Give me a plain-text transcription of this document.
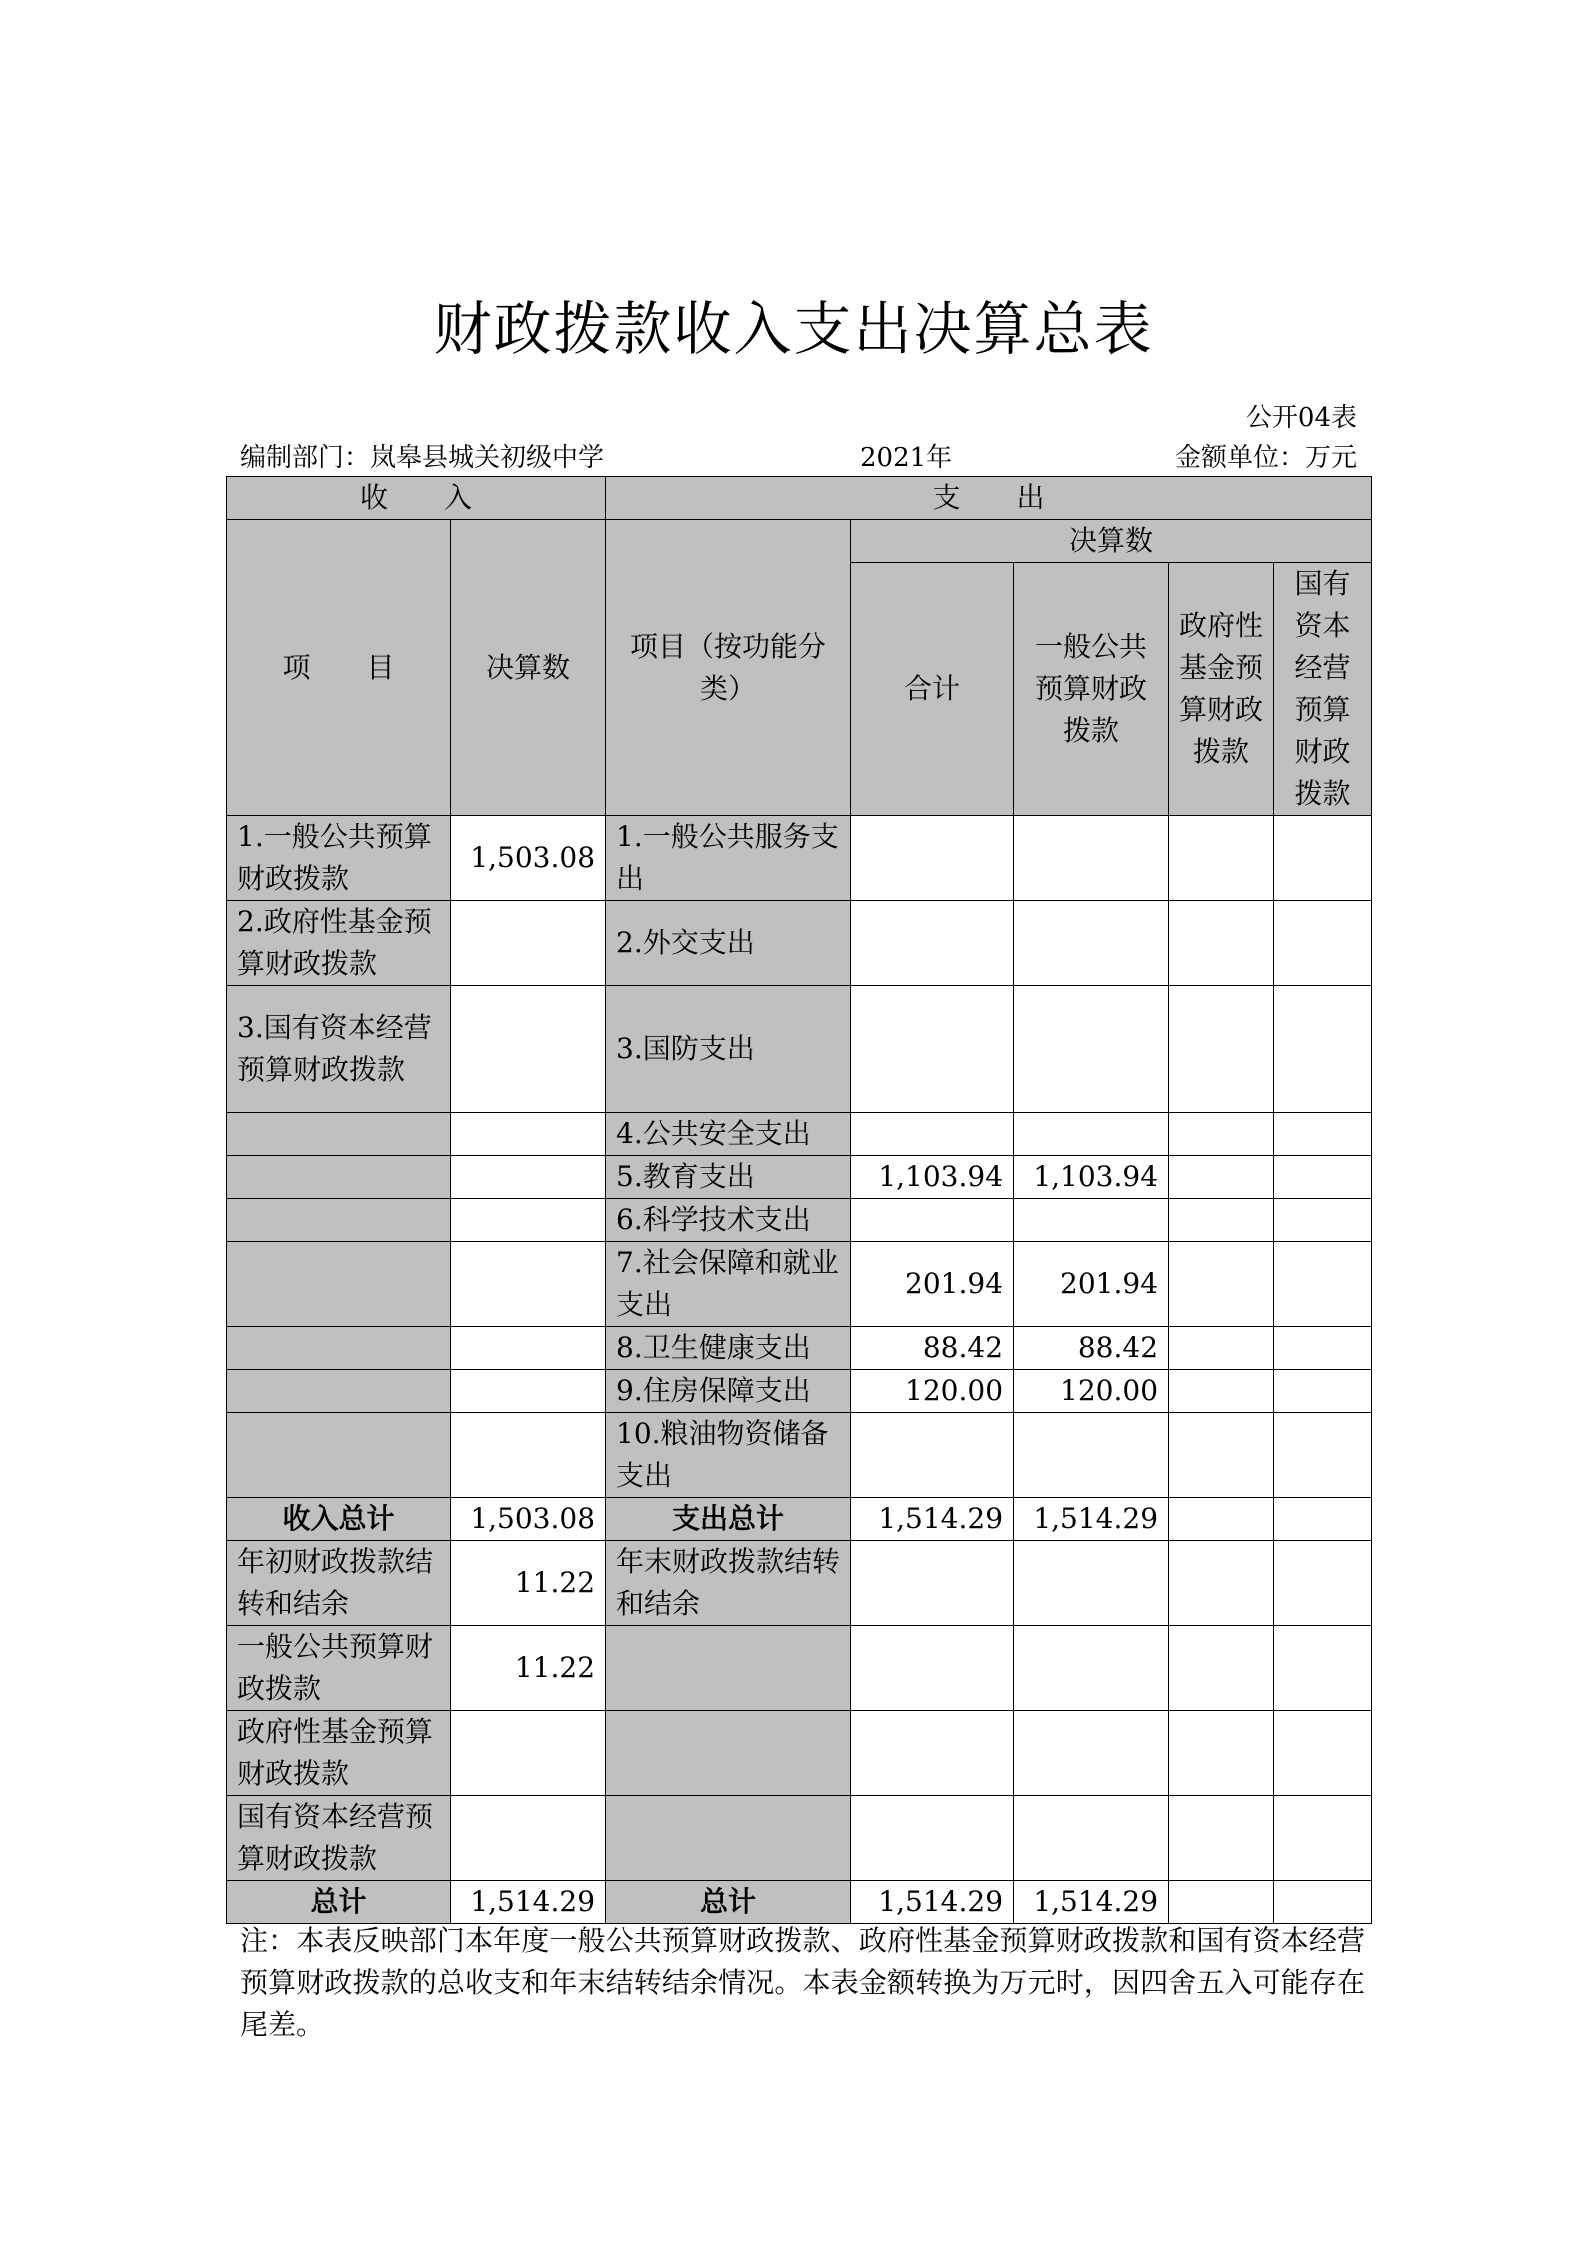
财政拨款收入支出决算总表
公开04表
编制部门：岚皋县城关初级中学	2021年	金额单位：万元
收　　入		支　　出				
项　　目	决算数	项目（按功能分类）	决算数			
			合计	一般公共预算财政拨款	政府性基金预算财政拨款	国有资本经营预算财政拨款

1.一般公共预算财政拨款	1,503.08	1.一般公共服务支出				
2.政府性基金预算财政拨款		2.外交支出				
3.国有资本经营预算财政拨款		3.国防支出				
		4.公共安全支出				
		5.教育支出	1,103.94	1,103.94		
		6.科学技术支出				
		7.社会保障和就业支出	201.94	201.94		
		8.卫生健康支出	88.42	88.42		
		9.住房保障支出	120.00	120.00		
		10.粮油物资储备支出				
收入总计	1,503.08	支出总计	1,514.29	1,514.29		
年初财政拨款结转和结余	11.22	年末财政拨款结转和结余				
一般公共预算财政拨款	11.22					
政府性基金预算财政拨款						
国有资本经营预算财政拨款						
总计	1,514.29	总计	1,514.29	1,514.29		
注：本表反映部门本年度一般公共预算财政拨款、政府性基金预算财政拨款和国有资本经营预算财政拨款的总收支和年末结转结余情况。本表金额转换为万元时，因四舍五入可能存在尾差。
